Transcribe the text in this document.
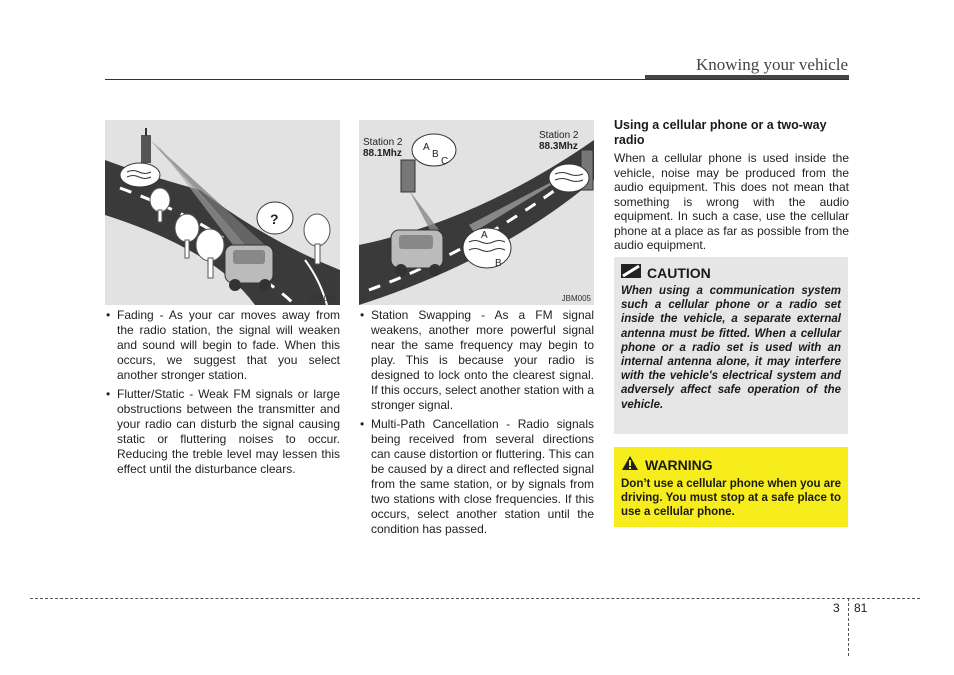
Knowing your vehicle
?
JBM004
A
B
C
Station 2
88.1Mhz
Station 2
88.3Mhz
A
B
JBM005
• Fading - As your car moves away from the radio station, the signal will weaken and sound will begin to fade. When this occurs, we suggest that you select another stronger station.
• Flutter/Static - Weak FM signals or large obstructions between the transmitter and your radio can disturb the signal causing static or fluttering noises to occur. Reducing the treble level may lessen this effect until the disturbance clears.
• Station Swapping - As a FM signal weakens, another more powerful signal near the same frequency may begin to play. This is because your radio is designed to lock onto the clearest signal. If this occurs, select another station with a stronger signal.
• Multi-Path Cancellation - Radio signals being received from several directions can cause distortion or fluttering. This can be caused by a direct and reflected signal from the same station, or by signals from two stations with close frequencies. If this occurs, select another station until the condition has passed.
Using a cellular phone or a two-way radio
When a cellular phone is used inside the vehicle, noise may be produced from the audio equipment. This does not mean that something is wrong with the audio equipment. In such a case, use the cellular phone at a place as far as possible from the audio equipment.
CAUTION
When using a communication system such a cellular phone or a radio set inside the vehicle, a separate external antenna must be fitted. When a cellular phone or a radio set is used with an internal antenna alone, it may interfere with the vehicle's electrical system and adversely affect safe operation of the vehicle.
WARNING
Don’t use a cellular phone when you are driving. You must stop at a safe place to use a cellular phone.
3 81
